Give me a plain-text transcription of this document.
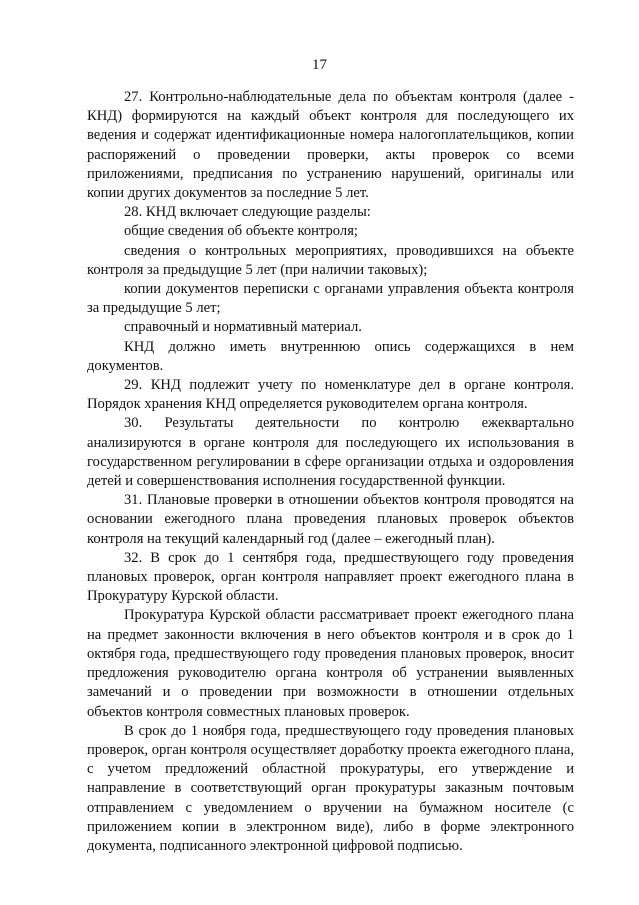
17

27. Контрольно-наблюдательные дела по объектам контроля (далее - КНД) формируются на каждый объект контроля для последующего их ведения и содержат идентификационные номера налогоплательщиков, копии распоряжений о проведении проверки, акты проверок со всеми приложениями, предписания по устранению нарушений, оригиналы или копии других документов за последние 5 лет.

28. КНД включает следующие разделы:

общие сведения об объекте контроля;

сведения о контрольных мероприятиях, проводившихся на объекте контроля за предыдущие 5 лет (при наличии таковых);

копии документов переписки с органами управления объекта контроля за предыдущие 5 лет;

справочный и нормативный материал.

КНД должно иметь внутреннюю опись содержащихся в нем документов.

29. КНД подлежит учету по номенклатуре дел в органе контроля. Порядок хранения КНД определяется руководителем органа контроля.

30. Результаты деятельности по контролю ежеквартально анализируются в органе контроля для последующего их использования в государственном регулировании в сфере организации отдыха и оздоровления детей и совершенствования исполнения государственной функции.

31. Плановые проверки в отношении объектов контроля проводятся на основании ежегодного плана проведения плановых проверок объектов контроля на текущий календарный год (далее – ежегодный план).

32. В срок до 1 сентября года, предшествующего году проведения плановых проверок, орган контроля направляет проект ежегодного плана в Прокуратуру Курской области.

Прокуратура Курской области рассматривает проект ежегодного плана на предмет законности включения в него объектов контроля и в срок до 1 октября года, предшествующего году проведения плановых проверок, вносит предложения руководителю органа контроля об устранении выявленных замечаний и о проведении при возможности в отношении отдельных объектов контроля совместных плановых проверок.

В срок до 1 ноября года, предшествующего году проведения плановых проверок, орган контроля осуществляет доработку проекта ежегодного плана, с учетом предложений областной прокуратуры, его утверждение и направление в соответствующий орган прокуратуры заказным почтовым отправлением с уведомлением о вручении на бумажном носителе (с приложением копии в электронном виде), либо в форме электронного документа, подписанного электронной цифровой подписью.
